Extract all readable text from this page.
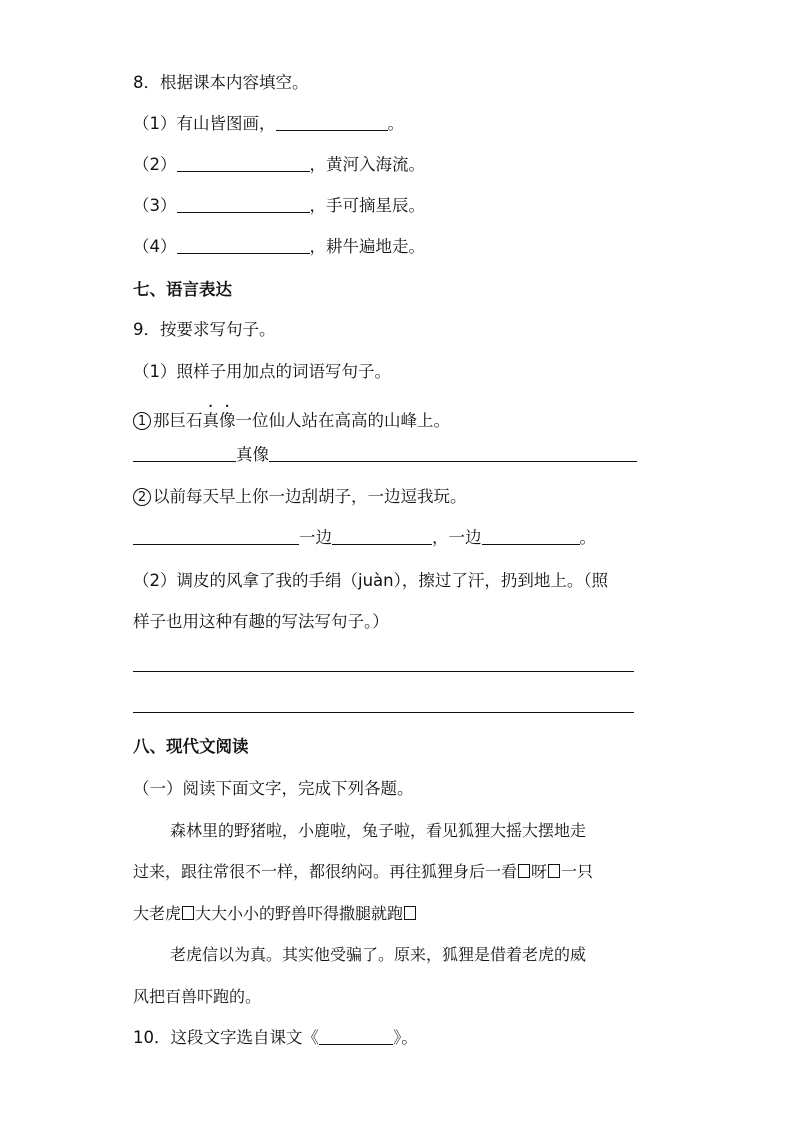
8．根据课本内容填空。
（1）有山皆图画，	。
（2）	，黄河入海流。
（3）	，手可摘星辰。
（4）	，耕牛遍地走。
七、语言表达
9．按要求写句子。
（1）照样子用加点的词语写句子。
1 那巨石真像一位仙人站在高高的山峰上。
真像
2 以前每天早上你一边刮胡子，一边逗我玩。
一边	，一边	。
（2）调皮的风拿了我的手绢（juàn），擦过了汗，扔到地上。（照
样子也用这种有趣的写法写句子。）
八、现代文阅读
（一）阅读下面文字，完成下列各题。
森林里的野猪啦，小鹿啦，兔子啦，看见狐狸大摇大摆地走
过来，跟往常很不一样，都很纳闷。再往狐狸身后一看 呀 一只
大老虎 大大小小的野兽吓得撒腿就跑
老虎信以为真。其实他受骗了。原来，狐狸是借着老虎的威
风把百兽吓跑的。
10．这段文字选自课文《	》。
